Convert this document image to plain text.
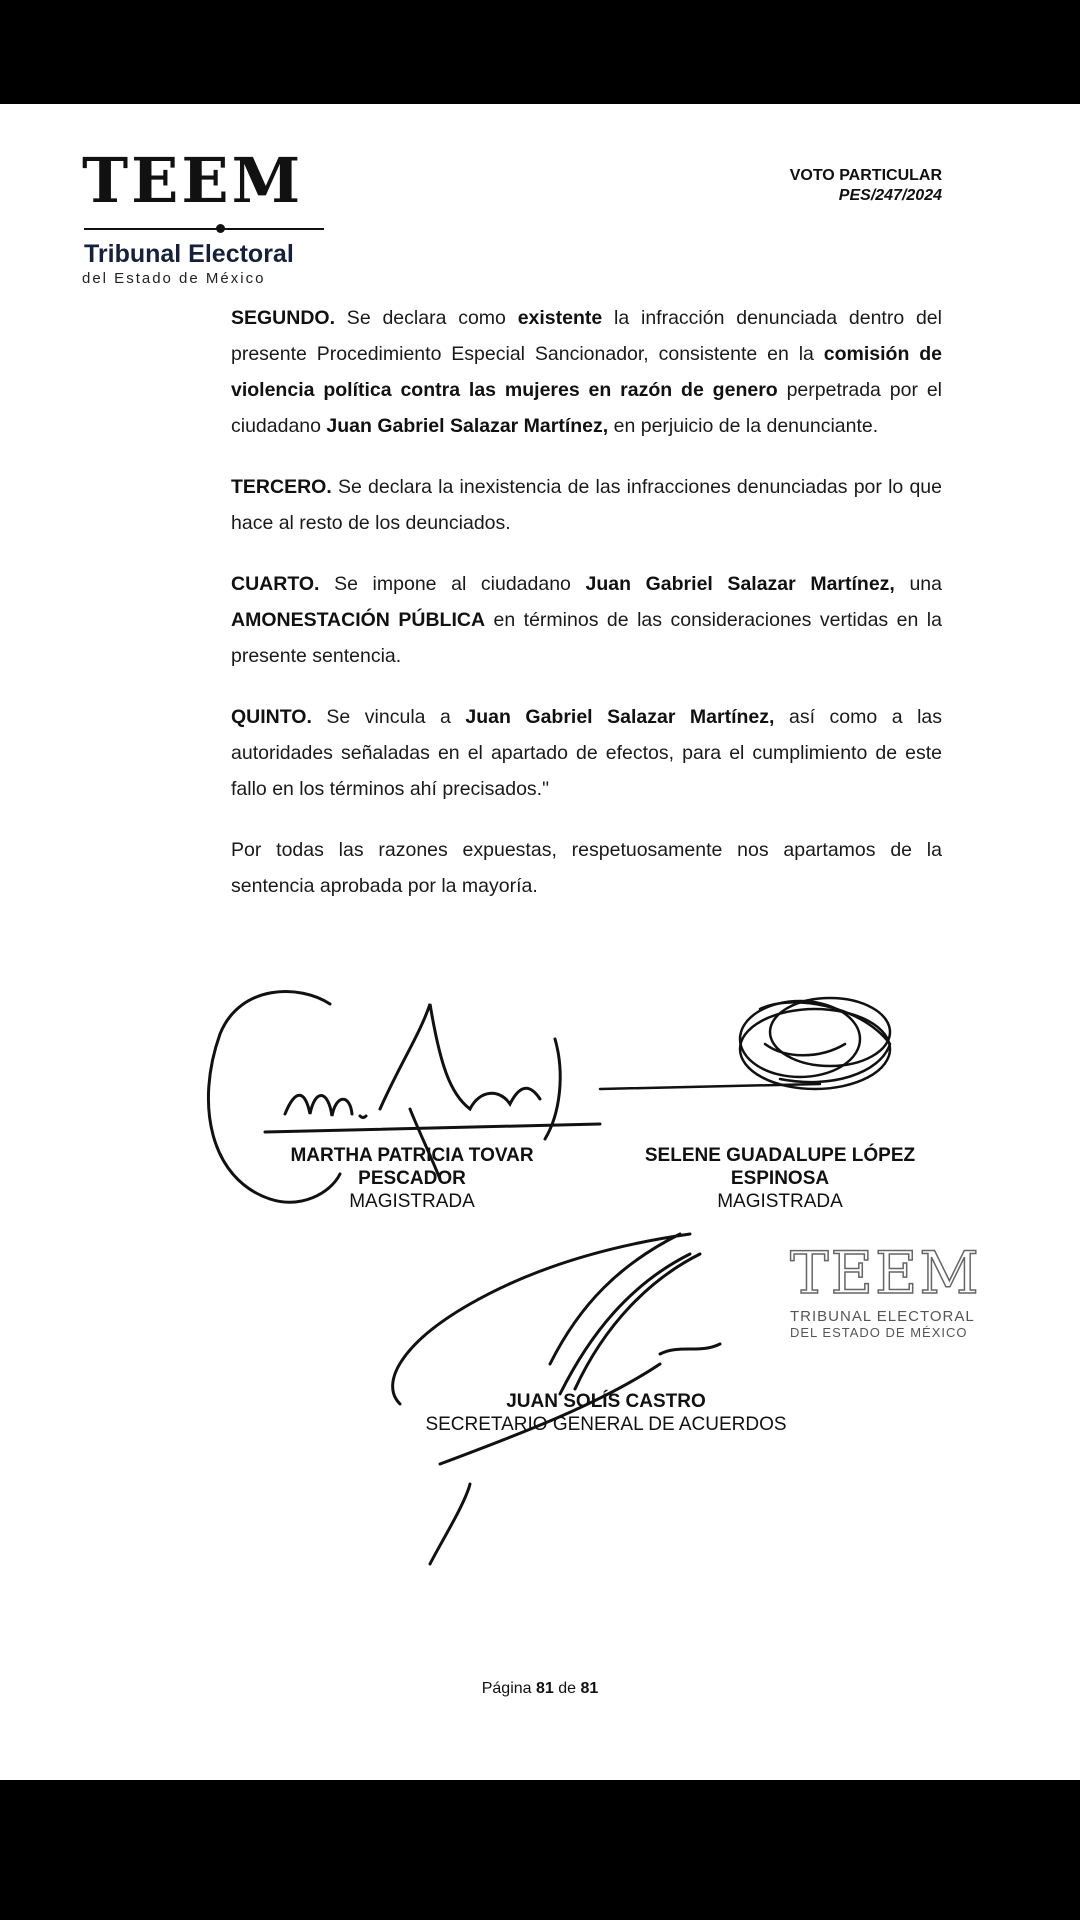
TEEM
Tribunal Electoral
del Estado de México
VOTO PARTICULAR
PES/247/2024

SEGUNDO. Se declara como existente la infracción denunciada dentro del presente Procedimiento Especial Sancionador, consistente en la comisión de violencia política contra las mujeres en razón de genero perpetrada por el ciudadano Juan Gabriel Salazar Martínez, en perjuicio de la denunciante.

TERCERO. Se declara la inexistencia de las infracciones denunciadas por lo que hace al resto de los deunciados.

CUARTO. Se impone al ciudadano Juan Gabriel Salazar Martínez, una AMONESTACIÓN PÚBLICA en términos de las consideraciones vertidas en la presente sentencia.

QUINTO. Se vincula a Juan Gabriel Salazar Martínez, así como a las autoridades señaladas en el apartado de efectos, para el cumplimiento de este fallo en los términos ahí precisados."

Por todas las razones expuestas, respetuosamente nos apartamos de la sentencia aprobada por la mayoría.

TEEM
TRIBUNAL ELECTORAL
DEL ESTADO DE MÉXICO
MARTHA PATRICIA TOVAR
PESCADOR
MAGISTRADA
SELENE GUADALUPE LÓPEZ
ESPINOSA
MAGISTRADA
JUAN SOLÍS CASTRO
SECRETARIO GENERAL DE ACUERDOS
Página 81 de 81
